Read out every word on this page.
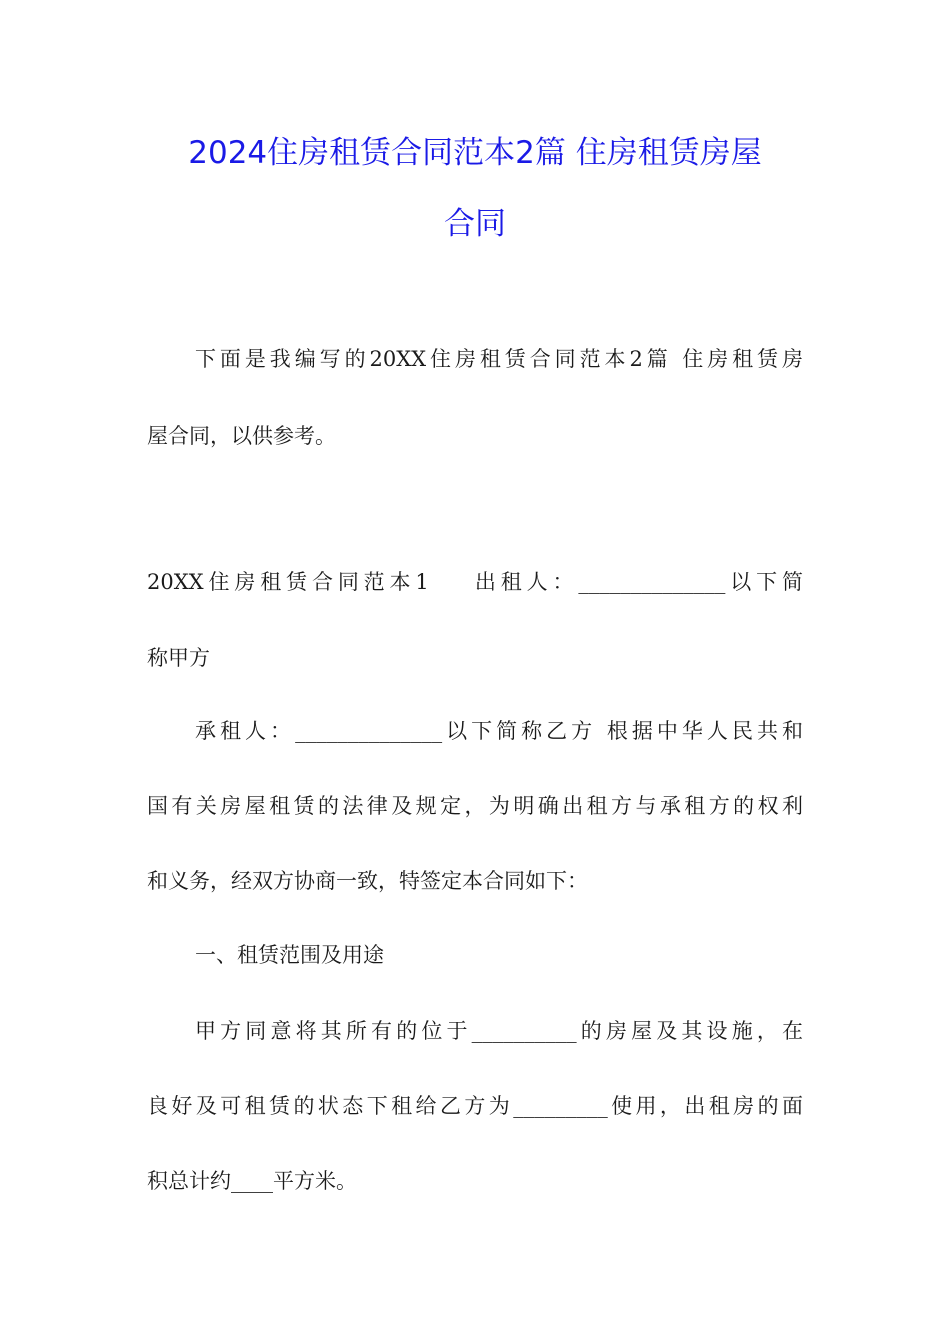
2024住房租赁合同范本2篇 住房租赁房屋
合同
下面是我编写的20XX住房租赁合同范本2篇 住房租赁房
屋合同，以供参考。
20XX住房租赁合同范本1    出租人：______________以下简
称甲方
承租人：______________以下简称乙方 根据中华人民共和
国有关房屋租赁的法律及规定，为明确出租方与承租方的权利
和义务，经双方协商一致，特签定本合同如下：
一、租赁范围及用途
甲方同意将其所有的位于__________的房屋及其设施，在
良好及可租赁的状态下租给乙方为_________使用，出租房的面
积总计约____平方米。
